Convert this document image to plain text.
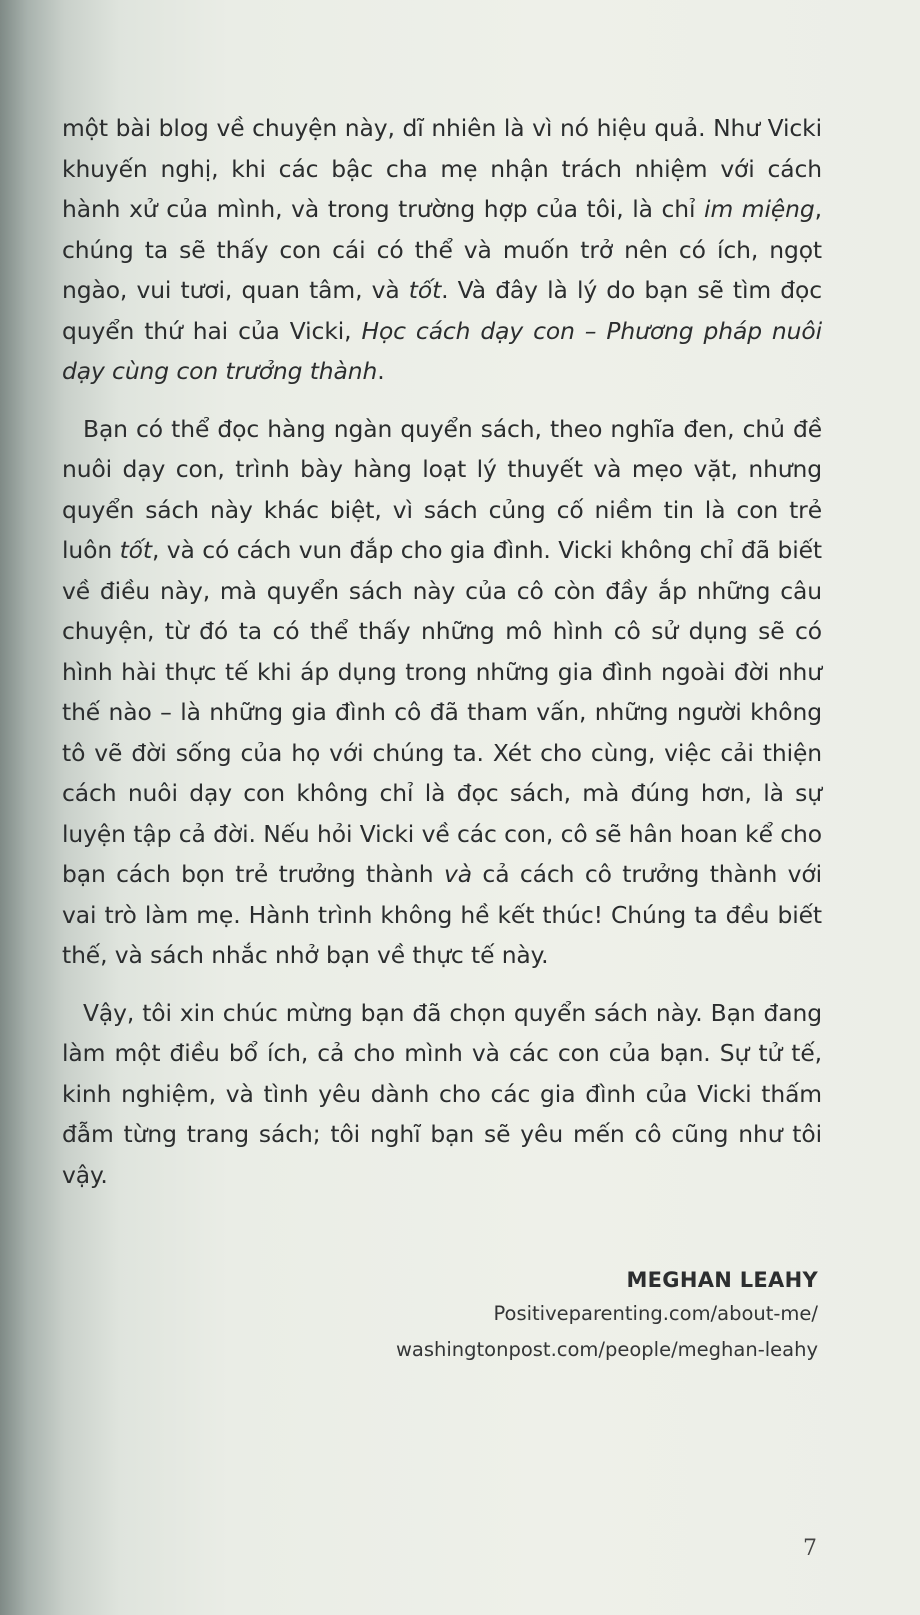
một bài blog về chuyện này, dĩ nhiên là vì nó hiệu quả. Như Vicki khuyến nghị, khi các bậc cha mẹ nhận trách nhiệm với cách hành xử của mình, và trong trường hợp của tôi, là chỉ im miệng, chúng ta sẽ thấy con cái có thể và muốn trở nên có ích, ngọt ngào, vui tươi, quan tâm, và tốt. Và đây là lý do bạn sẽ tìm đọc quyển thứ hai của Vicki, Học cách dạy con – Phương pháp nuôi dạy cùng con trưởng thành.

Bạn có thể đọc hàng ngàn quyển sách, theo nghĩa đen, chủ đề nuôi dạy con, trình bày hàng loạt lý thuyết và mẹo vặt, nhưng quyển sách này khác biệt, vì sách củng cố niềm tin là con trẻ luôn tốt, và có cách vun đắp cho gia đình. Vicki không chỉ đã biết về điều này, mà quyển sách này của cô còn đầy ắp những câu chuyện, từ đó ta có thể thấy những mô hình cô sử dụng sẽ có hình hài thực tế khi áp dụng trong những gia đình ngoài đời như thế nào – là những gia đình cô đã tham vấn, những người không tô vẽ đời sống của họ với chúng ta. Xét cho cùng, việc cải thiện cách nuôi dạy con không chỉ là đọc sách, mà đúng hơn, là sự luyện tập cả đời. Nếu hỏi Vicki về các con, cô sẽ hân hoan kể cho bạn cách bọn trẻ trưởng thành và cả cách cô trưởng thành với vai trò làm mẹ. Hành trình không hề kết thúc! Chúng ta đều biết thế, và sách nhắc nhở bạn về thực tế này.

Vậy, tôi xin chúc mừng bạn đã chọn quyển sách này. Bạn đang làm một điều bổ ích, cả cho mình và các con của bạn. Sự tử tế, kinh nghiệm, và tình yêu dành cho các gia đình của Vicki thấm đẫm từng trang sách; tôi nghĩ bạn sẽ yêu mến cô cũng như tôi vậy.

MEGHAN LEAHY
Positiveparenting.com/about-me/
washingtonpost.com/people/meghan-leahy
7
